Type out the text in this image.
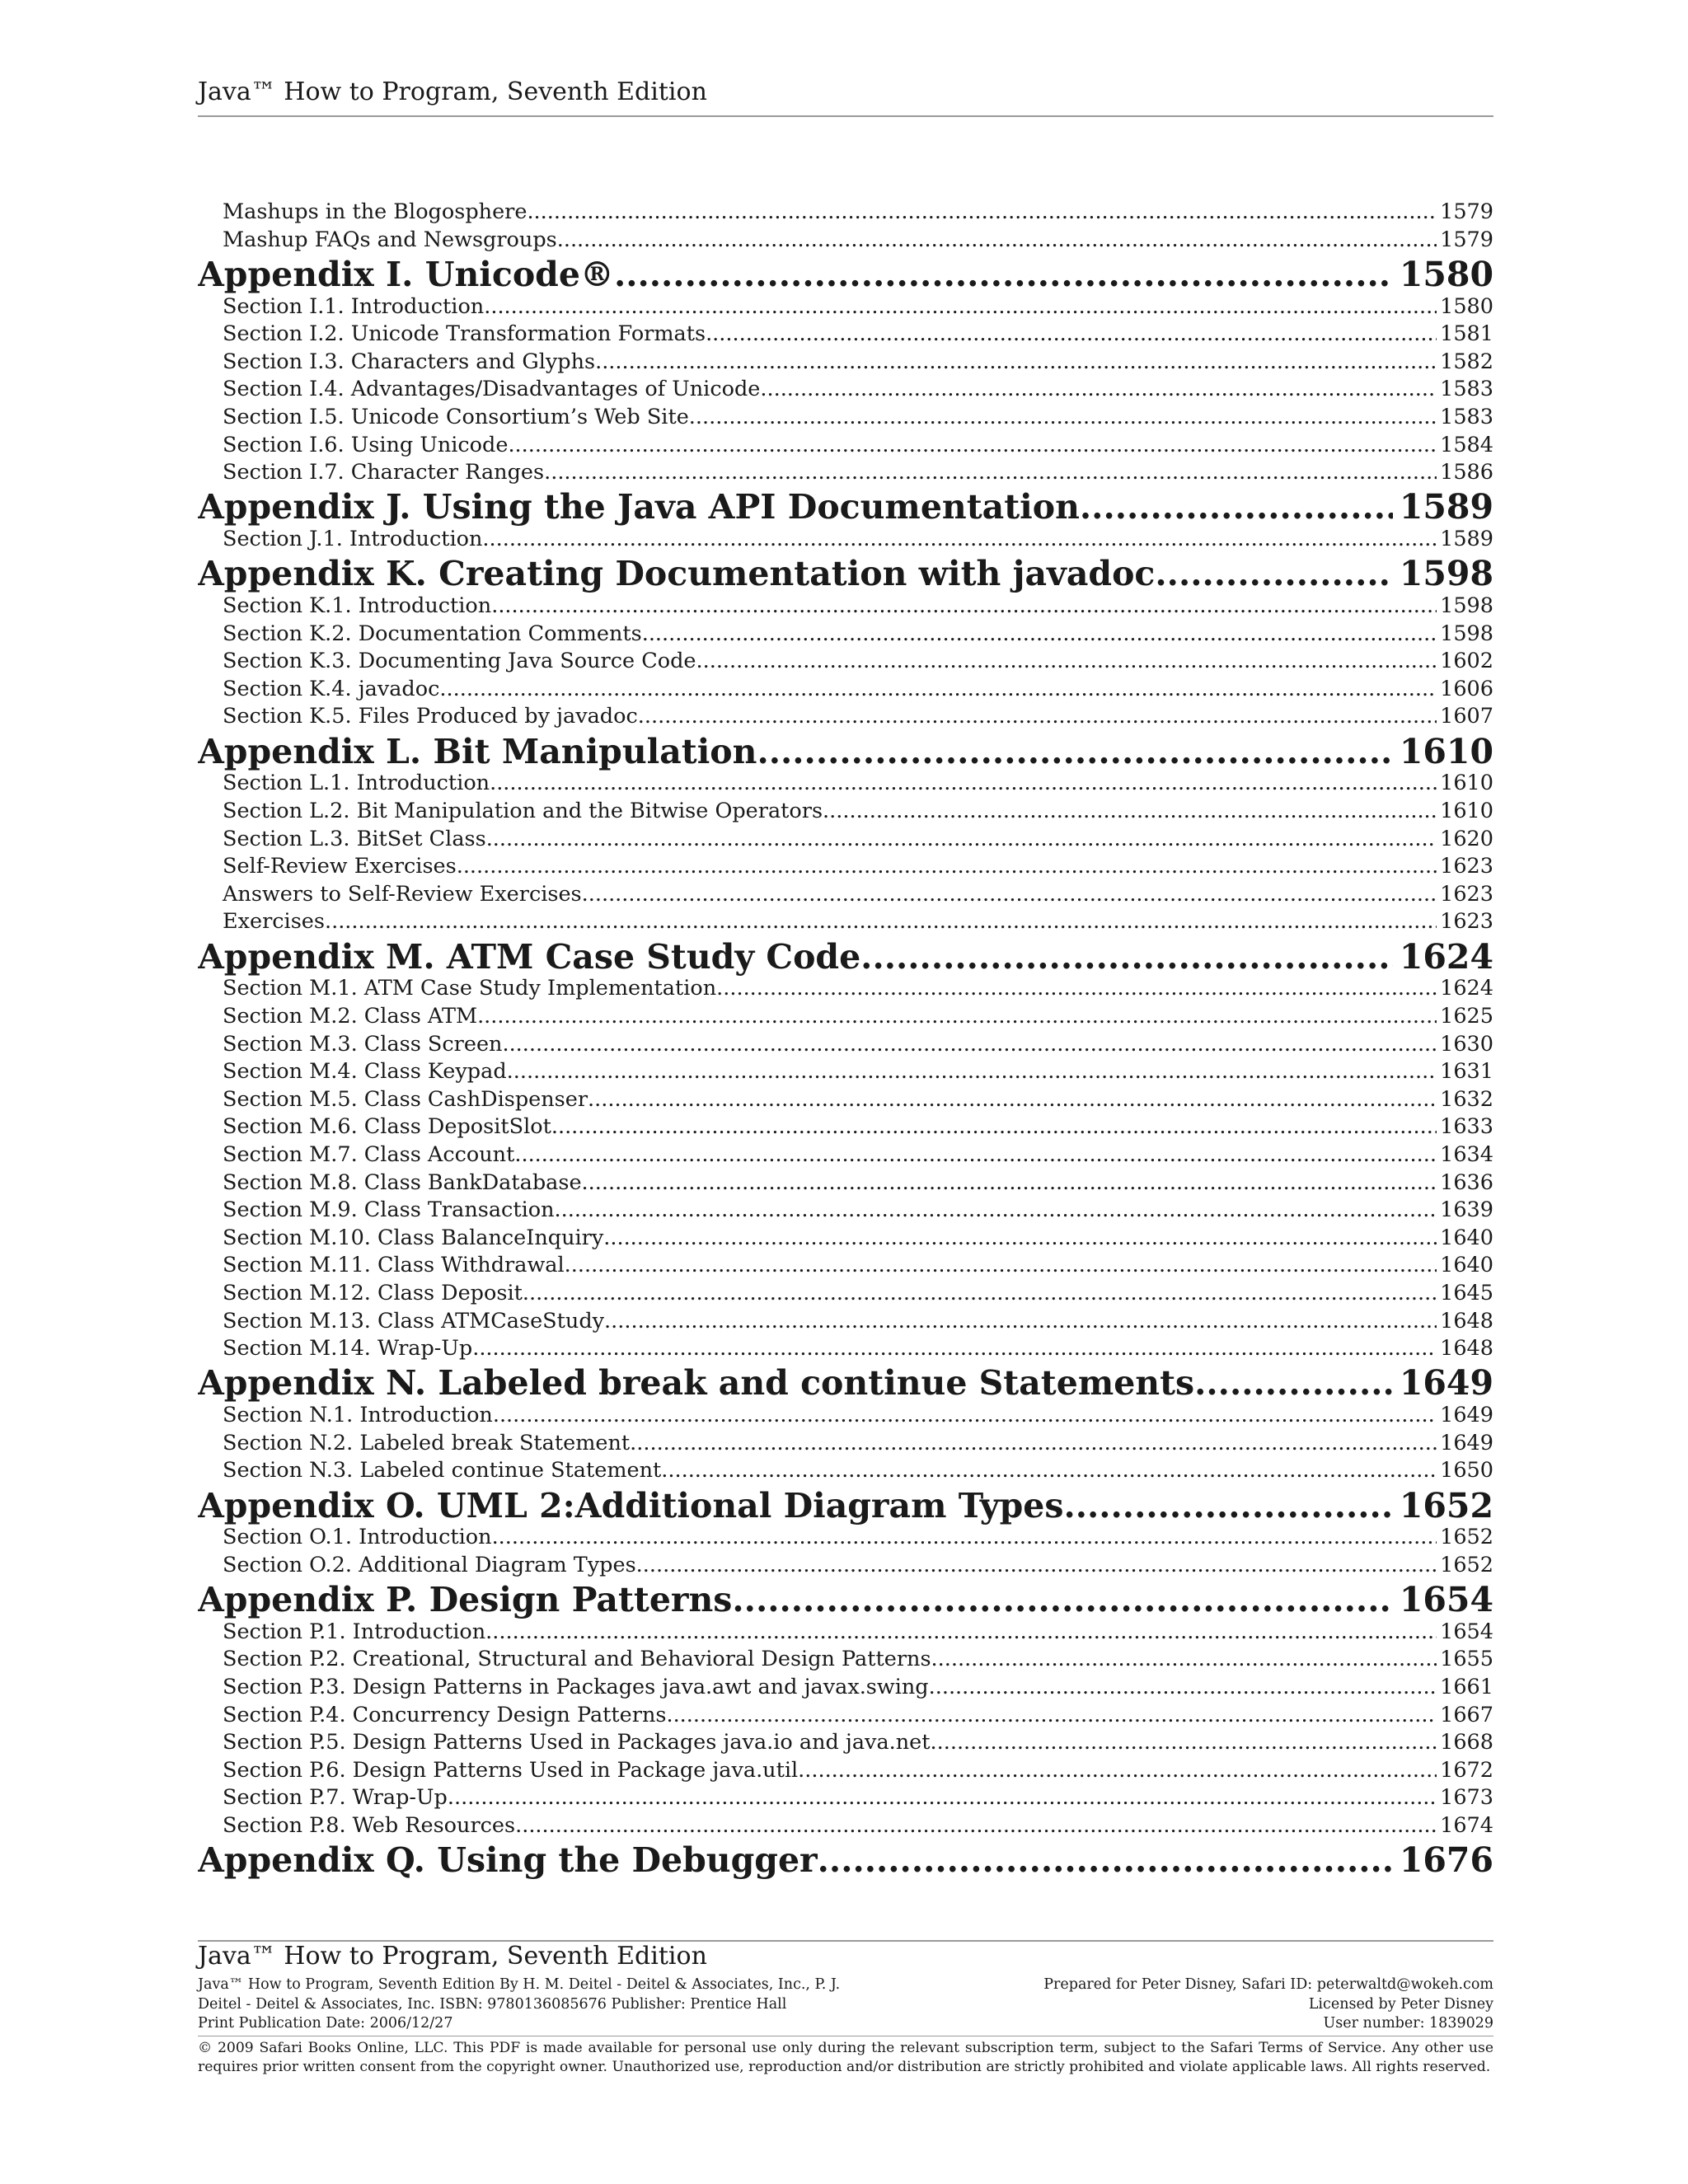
Java™ How to Program, Seventh Edition
Mashups in the Blogosphere .....	1579
Mashup FAQs and Newsgroups .....	1579
Appendix I. Unicode® .....	1580
Section I.1. Introduction .....	1580
Section I.2. Unicode Transformation Formats .....	1581
Section I.3. Characters and Glyphs .....	1582
Section I.4. Advantages/Disadvantages of Unicode .....	1583
Section I.5. Unicode Consortium’s Web Site .....	1583
Section I.6. Using Unicode .....	1584
Section I.7. Character Ranges .....	1586
Appendix J. Using the Java API Documentation .....	1589
Section J.1. Introduction .....	1589
Appendix K. Creating Documentation with javadoc .....	1598
Section K.1. Introduction .....	1598
Section K.2. Documentation Comments .....	1598
Section K.3. Documenting Java Source Code .....	1602
Section K.4. javadoc .....	1606
Section K.5. Files Produced by javadoc .....	1607
Appendix L. Bit Manipulation .....	1610
Section L.1. Introduction .....	1610
Section L.2. Bit Manipulation and the Bitwise Operators .....	1610
Section L.3. BitSet Class .....	1620
Self-Review Exercises .....	1623
Answers to Self-Review Exercises .....	1623
Exercises .....	1623
Appendix M. ATM Case Study Code .....	1624
Section M.1. ATM Case Study Implementation .....	1624
Section M.2. Class ATM .....	1625
Section M.3. Class Screen .....	1630
Section M.4. Class Keypad .....	1631
Section M.5. Class CashDispenser .....	1632
Section M.6. Class DepositSlot .....	1633
Section M.7. Class Account .....	1634
Section M.8. Class BankDatabase .....	1636
Section M.9. Class Transaction .....	1639
Section M.10. Class BalanceInquiry .....	1640
Section M.11. Class Withdrawal .....	1640
Section M.12. Class Deposit .....	1645
Section M.13. Class ATMCaseStudy .....	1648
Section M.14. Wrap-Up .....	1648
Appendix N. Labeled break and continue Statements .....	1649
Section N.1. Introduction .....	1649
Section N.2. Labeled break Statement .....	1649
Section N.3. Labeled continue Statement .....	1650
Appendix O. UML 2:Additional Diagram Types .....	1652
Section O.1. Introduction .....	1652
Section O.2. Additional Diagram Types .....	1652
Appendix P. Design Patterns .....	1654
Section P.1. Introduction .....	1654
Section P.2. Creational, Structural and Behavioral Design Patterns .....	1655
Section P.3. Design Patterns in Packages java.awt and javax.swing .....	1661
Section P.4. Concurrency Design Patterns .....	1667
Section P.5. Design Patterns Used in Packages java.io and java.net .....	1668
Section P.6. Design Patterns Used in Package java.util .....	1672
Section P.7. Wrap-Up .....	1673
Section P.8. Web Resources .....	1674
Appendix Q. Using the Debugger .....	1676
Java™ How to Program, Seventh Edition
Java™ How to Program, Seventh Edition By H. M. Deitel - Deitel & Associates, Inc., P. J.
Deitel - Deitel & Associates, Inc. ISBN: 9780136085676 Publisher: Prentice Hall
Print Publication Date: 2006/12/27
Prepared for Peter Disney, Safari ID: peterwaltd@wokeh.com
Licensed by Peter Disney
User number: 1839029
© 2009 Safari Books Online, LLC. This PDF is made available for personal use only during the relevant subscription term, subject to the Safari Terms of Service. Any other use requires prior written consent from the copyright owner. Unauthorized use, reproduction and/or distribution are strictly prohibited and violate applicable laws. All rights reserved.
